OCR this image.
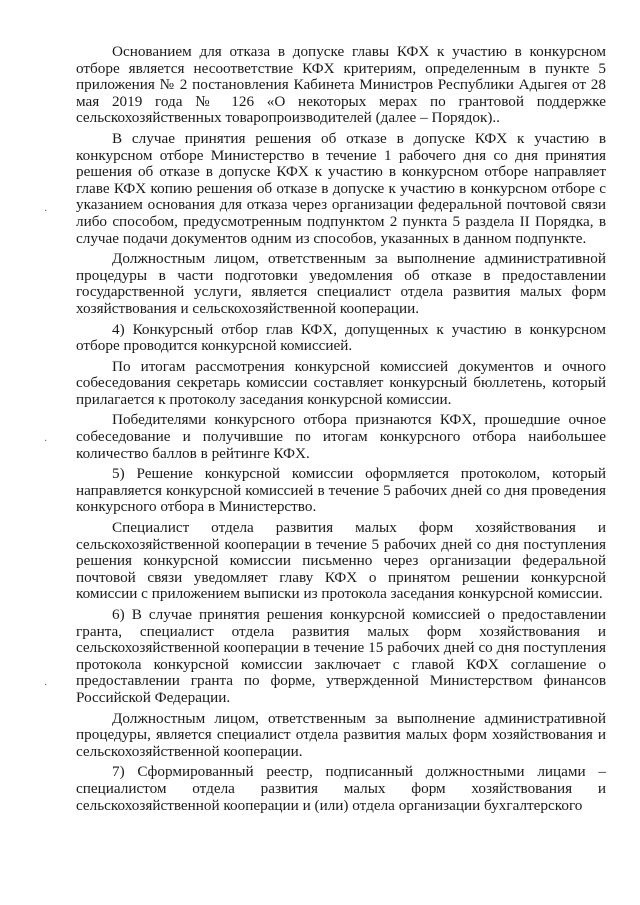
Основанием для отказа в допуске главы КФХ к участию в конкурсном отборе является несоответствие КФХ критериям, определенным в пункте 5 приложения № 2 постановления Кабинета Министров Республики Адыгея от 28 мая 2019 года № 126 «О некоторых мерах по грантовой поддержке сельскохозяйственных товаропроизводителей (далее – Порядок)..

В случае принятия решения об отказе в допуске КФХ к участию в конкурсном отборе Министерство в течение 1 рабочего дня со дня принятия решения об отказе в допуске КФХ к участию в конкурсном отборе направляет главе КФХ копию решения об отказе в допуске к участию в конкурсном отборе с указанием основания для отказа через организации федеральной почтовой связи либо способом, предусмотренным подпунктом 2 пункта 5 раздела II Порядка, в случае подачи документов одним из способов, указанных в данном подпункте.

Должностным лицом, ответственным за выполнение административной процедуры в части подготовки уведомления об отказе в предоставлении государственной услуги, является специалист отдела развития малых форм хозяйствования и сельскохозяйственной кооперации.

4) Конкурсный отбор глав КФХ, допущенных к участию в конкурсном отборе проводится конкурсной комиссией.

По итогам рассмотрения конкурсной комиссией документов и очного собеседования секретарь комиссии составляет конкурсный бюллетень, который прилагается к протоколу заседания конкурсной комиссии.

Победителями конкурсного отбора признаются КФХ, прошедшие очное собеседование и получившие по итогам конкурсного отбора наибольшее количество баллов в рейтинге КФХ.

5) Решение конкурсной комиссии оформляется протоколом, который направляется конкурсной комиссией в течение 5 рабочих дней со дня проведения конкурсного отбора в Министерство.

Специалист отдела развития малых форм хозяйствования и сельскохозяйственной кооперации в течение 5 рабочих дней со дня поступления решения конкурсной комиссии письменно через организации федеральной почтовой связи уведомляет главу КФХ о принятом решении конкурсной комиссии с приложением выписки из протокола заседания конкурсной комиссии.

6) В случае принятия решения конкурсной комиссией о предоставлении гранта, специалист отдела развития малых форм хозяйствования и сельскохозяйственной кооперации в течение 15 рабочих дней со дня поступления протокола конкурсной комиссии заключает с главой КФХ соглашение о предоставлении гранта по форме, утвержденной Министерством финансов Российской Федерации.

Должностным лицом, ответственным за выполнение административной процедуры, является специалист отдела развития малых форм хозяйствования и сельскохозяйственной кооперации.

7) Сформированный реестр, подписанный должностными лицами – специалистом отдела развития малых форм хозяйствования и сельскохозяйственной кооперации и (или) отдела организации бухгалтерского

·
·
·
